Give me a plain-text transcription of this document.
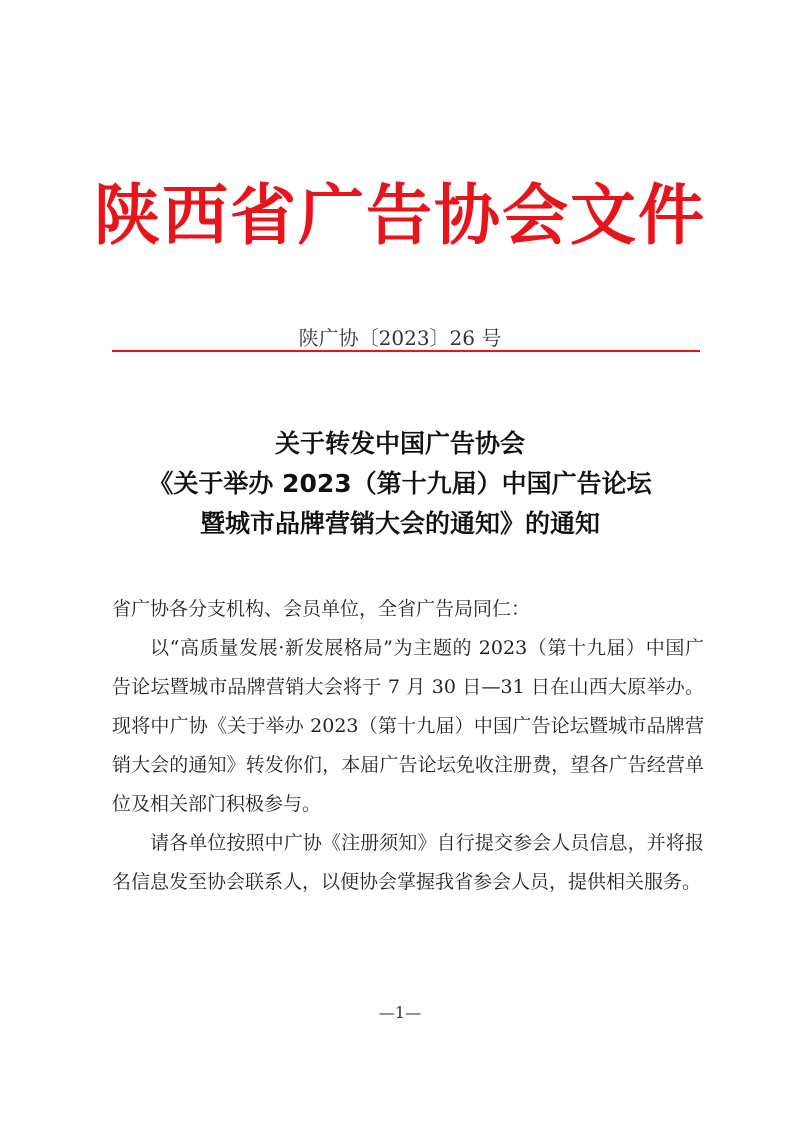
陕西省广告协会文件
陕广协〔2023〕26 号
关于转发中国广告协会
《关于举办 2023（第十九届）中国广告论坛
暨城市品牌营销大会的通知》的通知

省广协各分支机构、会员单位，全省广告局同仁：

以“高质量发展·新发展格局”为主题的 2023（第十九届）中国广告论坛暨城市品牌营销大会将于 7 月 30 日—31 日在山西大原举办。现将中广协《关于举办 2023（第十九届）中国广告论坛暨城市品牌营销大会的通知》转发你们，本届广告论坛免收注册费，望各广告经营单位及相关部门积极参与。

请各单位按照中广协《注册须知》自行提交参会人员信息，并将报名信息发至协会联系人，以便协会掌握我省参会人员，提供相关服务。

—1—
